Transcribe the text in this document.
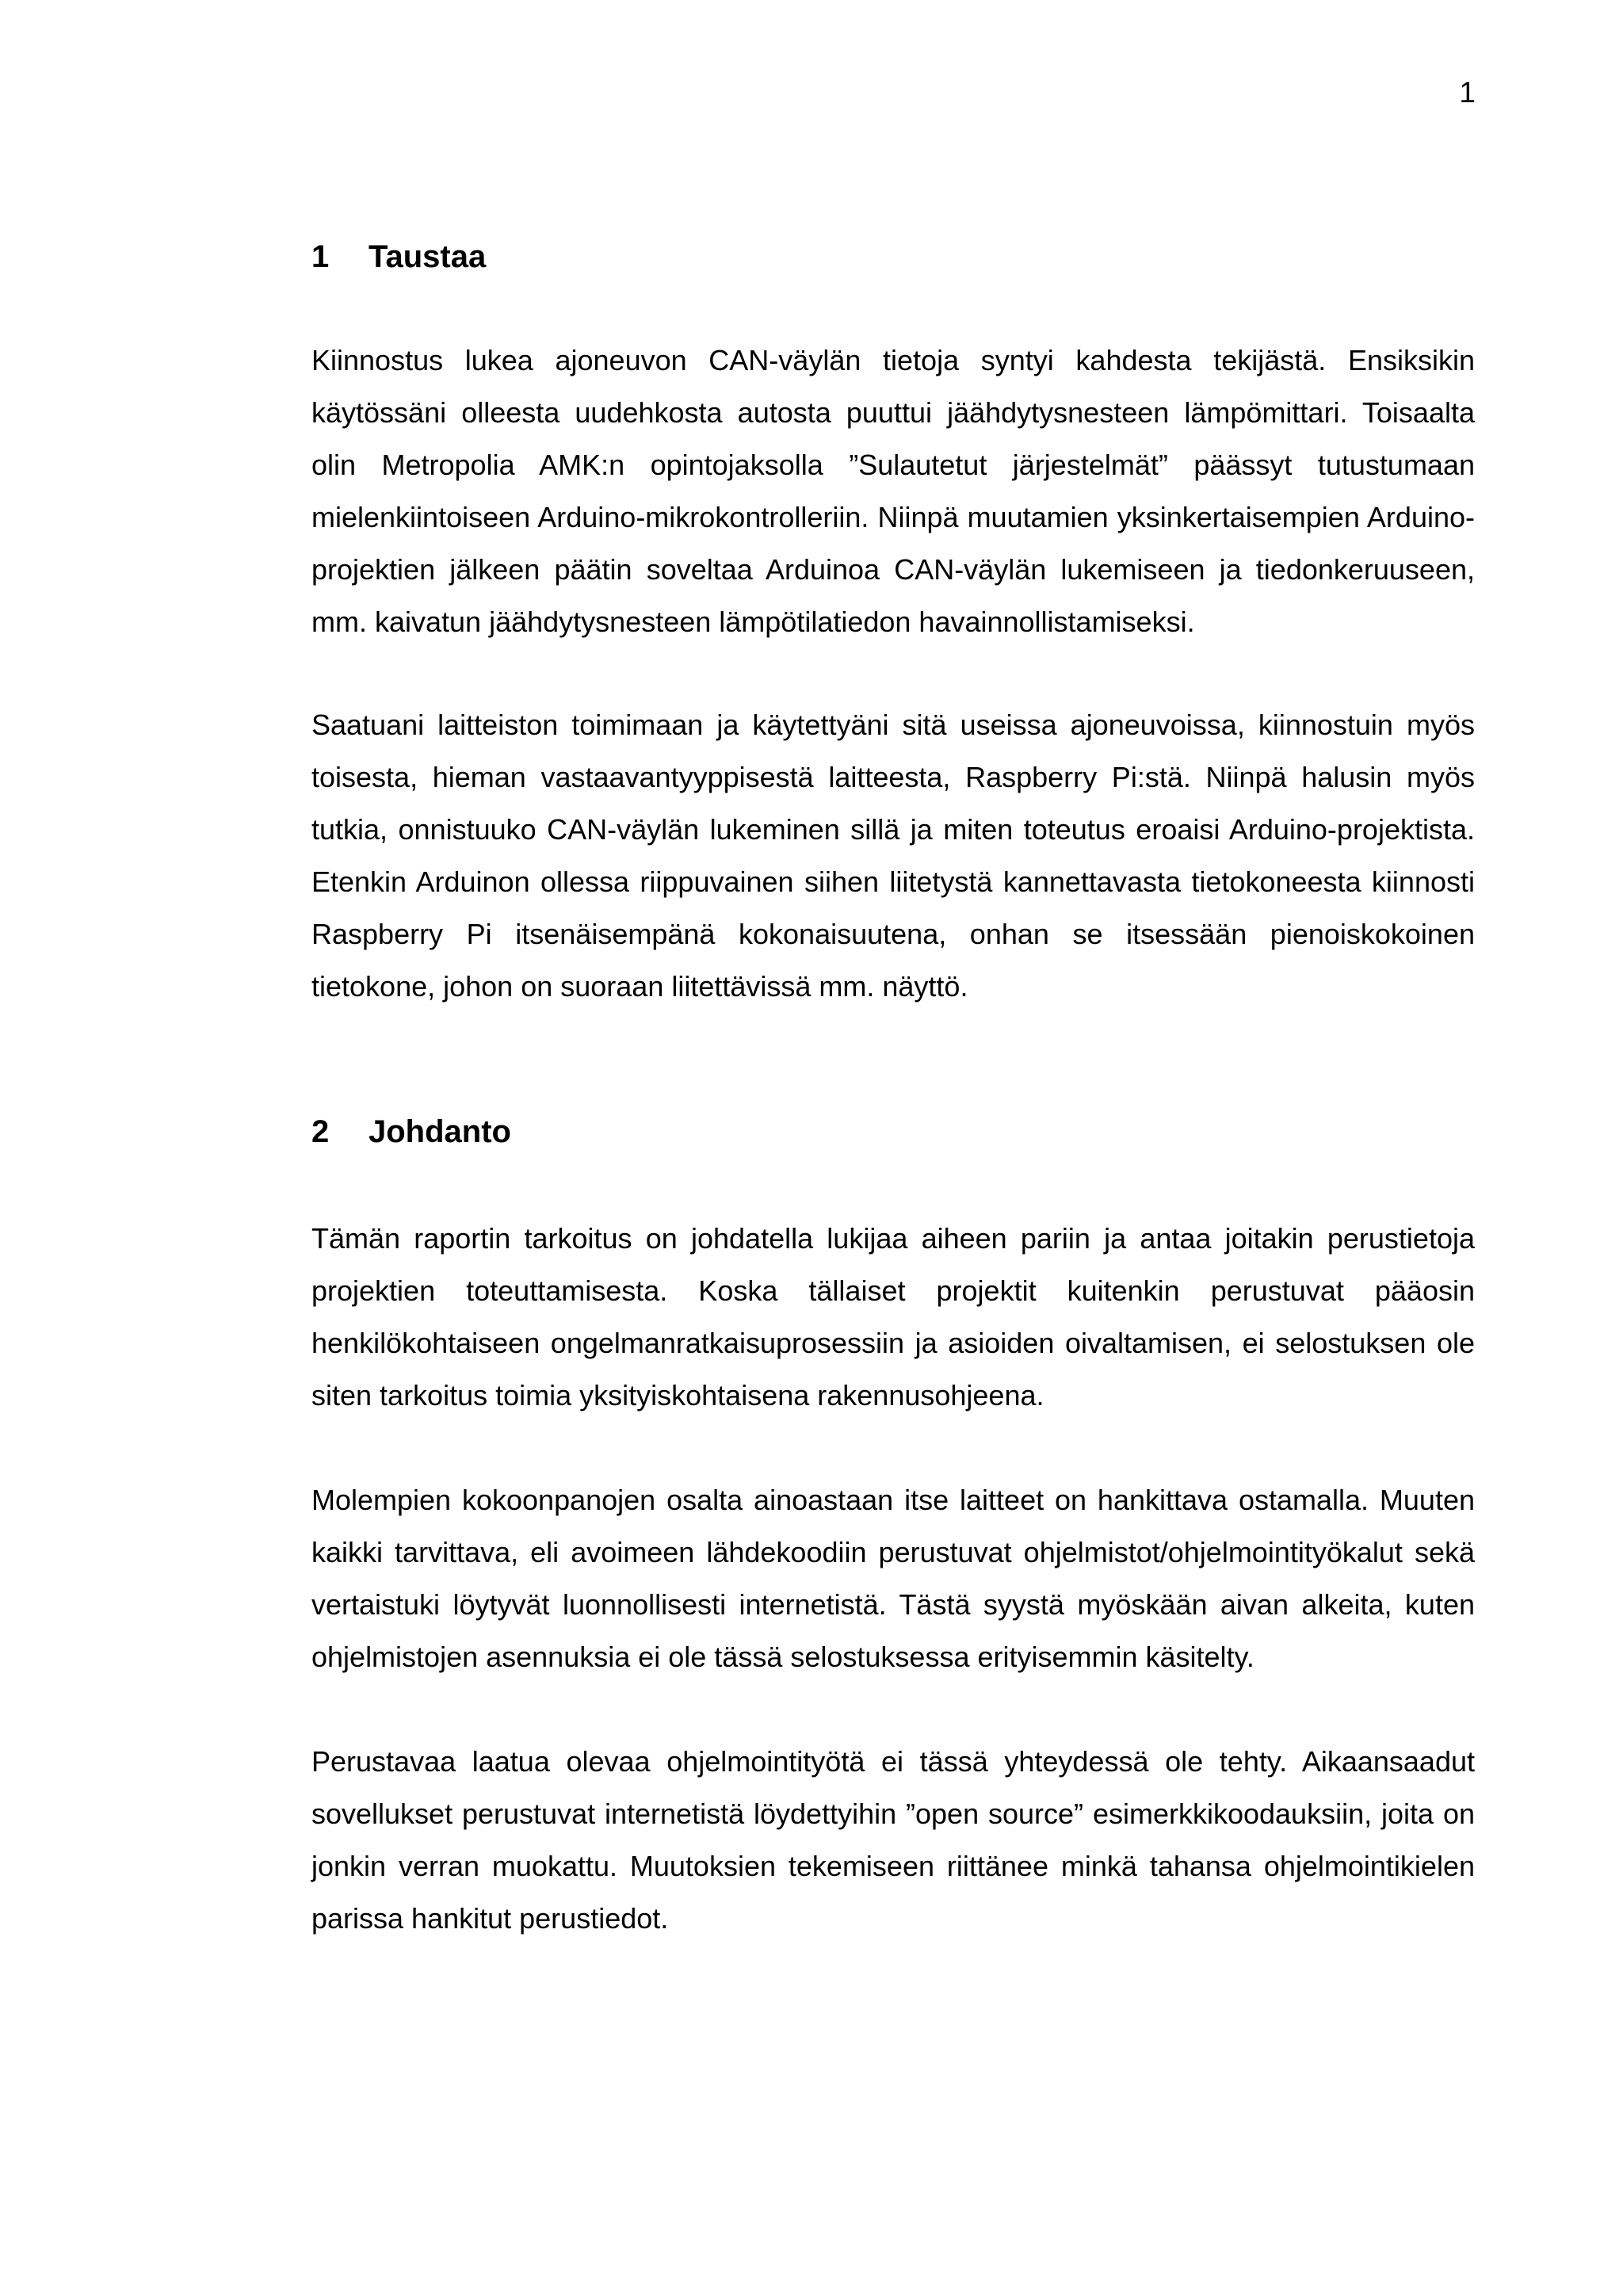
1
1	Taustaa

Kiinnostus lukea ajoneuvon CAN-väylän tietoja syntyi kahdesta tekijästä. Ensiksikin käytössäni olleesta uudehkosta autosta puuttui jäähdytysnesteen lämpömittari. Toisaalta olin Metropolia AMK:n opintojaksolla ”Sulautetut järjestelmät” päässyt tutustumaan mielenkiintoiseen Arduino-mikrokontrolleriin. Niinpä muutamien yksinkertaisempien Arduino-projektien jälkeen päätin soveltaa Arduinoa CAN-väylän lukemiseen ja tiedonkeruuseen, mm. kaivatun jäähdytysnesteen lämpötilatiedon havainnollistamiseksi.

Saatuani laitteiston toimimaan ja käytettyäni sitä useissa ajoneuvoissa, kiinnostuin myös toisesta, hieman vastaavantyyppisestä laitteesta, Raspberry Pi:stä. Niinpä halusin myös tutkia, onnistuuko CAN-väylän lukeminen sillä ja miten toteutus eroaisi Arduino-projektista. Etenkin Arduinon ollessa riippuvainen siihen liitetystä kannettavasta tietokoneesta kiinnosti Raspberry Pi itsenäisempänä kokonaisuutena, onhan se itsessään pienoiskokoinen tietokone, johon on suoraan liitettävissä mm. näyttö.

2	Johdanto

Tämän raportin tarkoitus on johdatella lukijaa aiheen pariin ja antaa joitakin perustietoja projektien toteuttamisesta. Koska tällaiset projektit kuitenkin perustuvat pääosin henkilökohtaiseen ongelmanratkaisuprosessiin ja asioiden oivaltamisen, ei selostuksen ole siten tarkoitus toimia yksityiskohtaisena rakennusohjeena.

Molempien kokoonpanojen osalta ainoastaan itse laitteet on hankittava ostamalla. Muuten kaikki tarvittava, eli avoimeen lähdekoodiin perustuvat ohjelmistot/ohjelmointityökalut sekä vertaistuki löytyvät luonnollisesti internetistä. Tästä syystä myöskään aivan alkeita, kuten ohjelmistojen asennuksia ei ole tässä selostuksessa erityisemmin käsitelty.

Perustavaa laatua olevaa ohjelmointityötä ei tässä yhteydessä ole tehty. Aikaansaadut sovellukset perustuvat internetistä löydettyihin ”open source” esimerkkikoodauksiin, joita on jonkin verran muokattu. Muutoksien tekemiseen riittänee minkä tahansa ohjelmointikielen parissa hankitut perustiedot.
